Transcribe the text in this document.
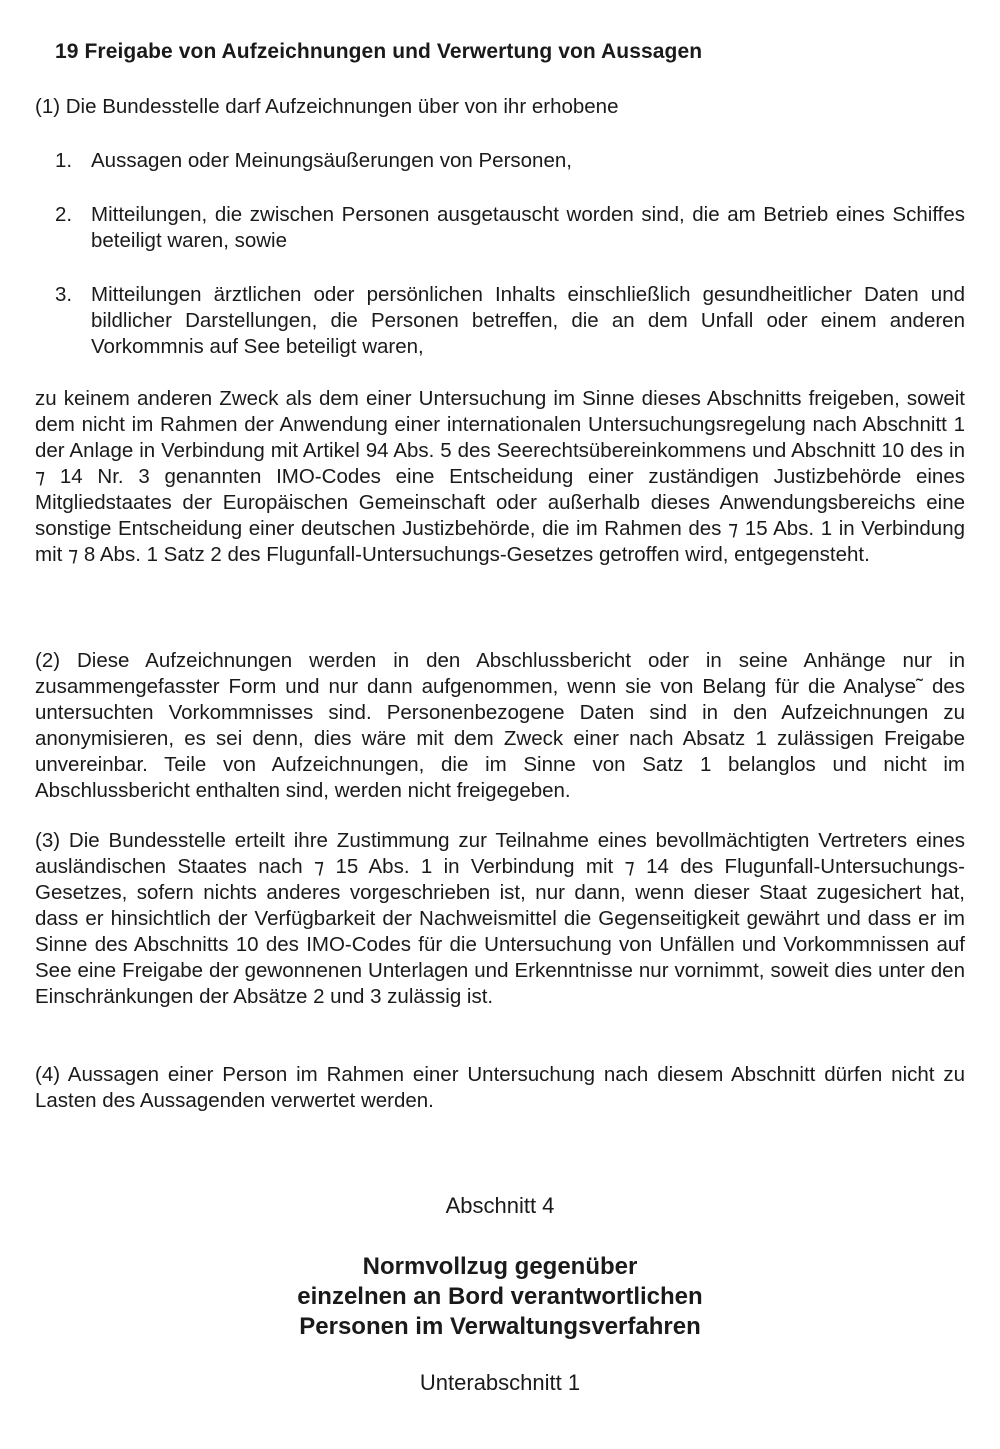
19 Freigabe von Aufzeichnungen und Verwertung von Aussagen
(1) Die Bundesstelle darf Aufzeichnungen über von ihr erhobene
1. Aussagen oder Meinungsäußerungen von Personen,
2. Mitteilungen, die zwischen Personen ausgetauscht worden sind, die am Betrieb eines Schiffes beteiligt waren, sowie
3. Mitteilungen ärztlichen oder persönlichen Inhalts einschließlich gesundheitlicher Daten und bildlicher Darstellungen, die Personen betreffen, die an dem Unfall oder einem anderen Vorkommnis auf See beteiligt waren,
zu keinem anderen Zweck als dem einer Untersuchung im Sinne dieses Abschnitts freigeben, soweit dem nicht im Rahmen der Anwendung einer internationalen Untersuchungsregelung nach Abschnitt 1 der Anlage in Verbindung mit Artikel 94 Abs. 5 des Seerechtsübereinkommens und Abschnitt 10 des in ⁊ 14 Nr. 3 genannten IMO-Codes eine Entscheidung einer zuständigen Justizbehörde eines Mitgliedstaates der Europäischen Gemeinschaft oder außerhalb dieses Anwendungsbereichs eine sonstige Entscheidung einer deutschen Justizbehörde, die im Rahmen des ⁊ 15 Abs. 1 in Verbindung mit ⁊ 8 Abs. 1 Satz 2 des Flugunfall-Untersuchungs-Gesetzes getroffen wird, entgegensteht.
(2) Diese Aufzeichnungen werden in den Abschlussbericht oder in seine Anhänge nur in zusammengefasster Form und nur dann aufgenommen, wenn sie von Belang für die Analyse˜ des untersuchten Vorkommnisses sind. Personenbezogene Daten sind in den Aufzeichnungen zu anonymisieren, es sei denn, dies wäre mit dem Zweck einer nach Absatz 1 zulässigen Freigabe unvereinbar. Teile von Aufzeichnungen, die im Sinne von Satz 1 belanglos und nicht im Abschlussbericht enthalten sind, werden nicht freigegeben.
(3) Die Bundesstelle erteilt ihre Zustimmung zur Teilnahme eines bevollmächtigten Vertreters eines ausländischen Staates nach ⁊ 15 Abs. 1 in Verbindung mit ⁊ 14 des Flugunfall-Untersuchungs-Gesetzes, sofern nichts anderes vorgeschrieben ist, nur dann, wenn dieser Staat zugesichert hat, dass er hinsichtlich der Verfügbarkeit der Nachweismittel die Gegenseitigkeit gewährt und dass er im Sinne des Abschnitts 10 des IMO-Codes für die Untersuchung von Unfällen und Vorkommnissen auf See eine Freigabe der gewonnenen Unterlagen und Erkenntnisse nur vornimmt, soweit dies unter den Einschränkungen der Absätze 2 und 3 zulässig ist.
(4) Aussagen einer Person im Rahmen einer Untersuchung nach diesem Abschnitt dürfen nicht zu Lasten des Aussagenden verwertet werden.
Abschnitt 4
Normvollzug gegenüber
einzelnen an Bord verantwortlichen
Personen im Verwaltungsverfahren
Unterabschnitt 1
